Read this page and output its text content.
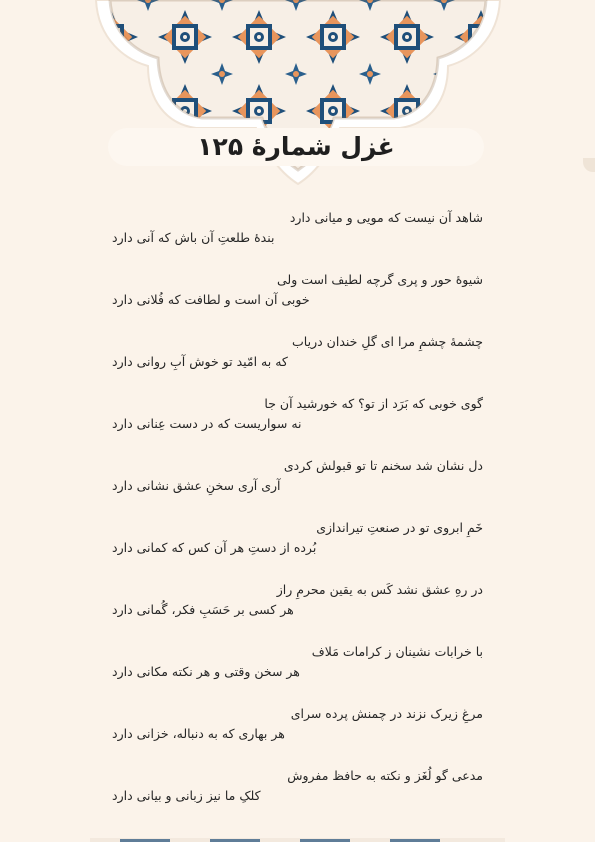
غزل شمارهٔ ۱۲۵
شاهد آن نیست که مویی و میانی دارد
بندهٔ طلعتِ آن باش که آنی دارد
شیوهٔ حور و پری گرچه لطیف است ولی
خوبی آن است و لطافت که فُلانی دارد
چشمهٔ چشمِ مرا ای گلِ خندان دریاب
که به امّید تو خوش آبِ روانی دارد
گوی خوبی که بَرَد از تو؟ که خورشید آن جا
نه سواریست که در دست عِنانی دارد
دل نشان شد سخنم تا تو قبولش کردی
آری آری سخنِ عشق نشانی دارد
خَمِ ابروی تو در صنعتِ تیراندازی
بُرده از دستِ هر آن کس که کمانی دارد
در رهِ عشق نشد کَس به یقین محرمِ راز
هر کسی بر حَسَبِ فکر، گُمانی دارد
با خرابات نشینان ز کرامات مَلاف
هر سخن وقتی و هر نکته مکانی دارد
مرغِ زیرک نزند در چمنش پرده سرای
هر بهاری که به دنباله، خزانی دارد
مدعی گو لُغَز و نکته به حافظ مفروش
کلکِ ما نیز زبانی و بیانی دارد
